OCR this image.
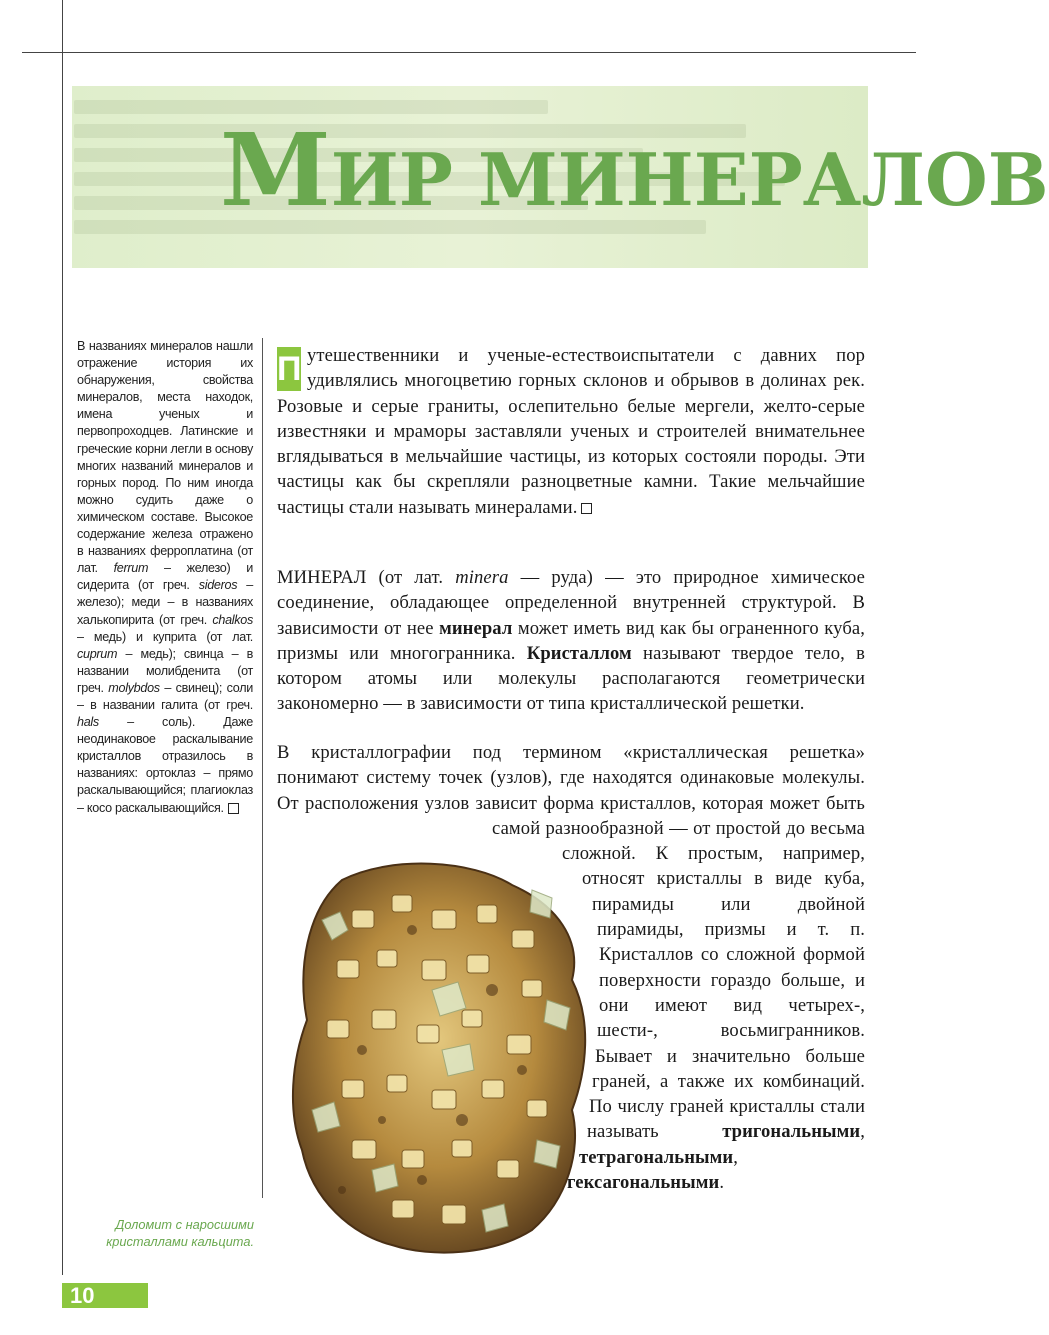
МИР МИНЕРАЛОВ

В названиях минералов нашли отражение история их обнаружения, свойства минералов, места находок, имена ученых и первопроходцев. Латинские и греческие корни легли в основу многих названий минералов и горных пород. По ним иногда можно судить даже о химическом составе. Высокое содержание железа отражено в названиях ферроплатина (от лат. ferrum – железо) и сидерита (от греч. sideros – железо); меди – в названиях халькопирита (от греч. chalkos – медь) и куприта (от лат. cuprum – медь); свинца – в названии молибденита (от греч. molybdos – свинец); соли – в названии галита (от греч. hals – соль). Даже неодинаковое раскалывание кристаллов отразилось в названиях: ортоклаз – прямо раскалывающийся; плагиоклаз – косо раскалывающийся.

П утешественники и ученые-естествоиспытатели с давних пор удивлялись многоцветию горных склонов и обрывов в долинах рек. Розовые и серые граниты, ослепительно белые мергели, желто-серые известняки и мраморы заставляли ученых и строителей внимательнее вглядываться в мельчайшие частицы, из которых состояли породы. Эти частицы как бы скрепляли разноцветные камни. Такие мельчайшие частицы стали называть минералами.

МИНЕРАЛ (от лат. minera — руда) — это природное химическое соединение, обладающее определенной внутренней структурой. В зависимости от нее минерал может иметь вид как бы ограненного куба, призмы или многогранника. Кристаллом называют твердое тело, в котором атомы или молекулы располагаются геометрически закономерно — в зависимости от типа кристаллической решетки.

В кристаллографии под термином «кристаллическая решетка» понимают систему точек (узлов), где находятся одинаковые молекулы. От расположения узлов зависит форма кристаллов, которая может быть самой разнообразной — от простой до весьма сложной. К простым, например, относят кристаллы в виде куба, пирамиды или двойной пирамиды, призмы и т. п. Кристаллов со сложной формой поверхности гораздо больше, и они имеют вид четырех-, шести-, восьмигранников. Бывает и значительно больше граней, а также их комбинаций. По числу граней кристаллы стали называть тригональными, тетрагональными, гексагональными.

Доломит с наросшими кристаллами кальцита.

10
